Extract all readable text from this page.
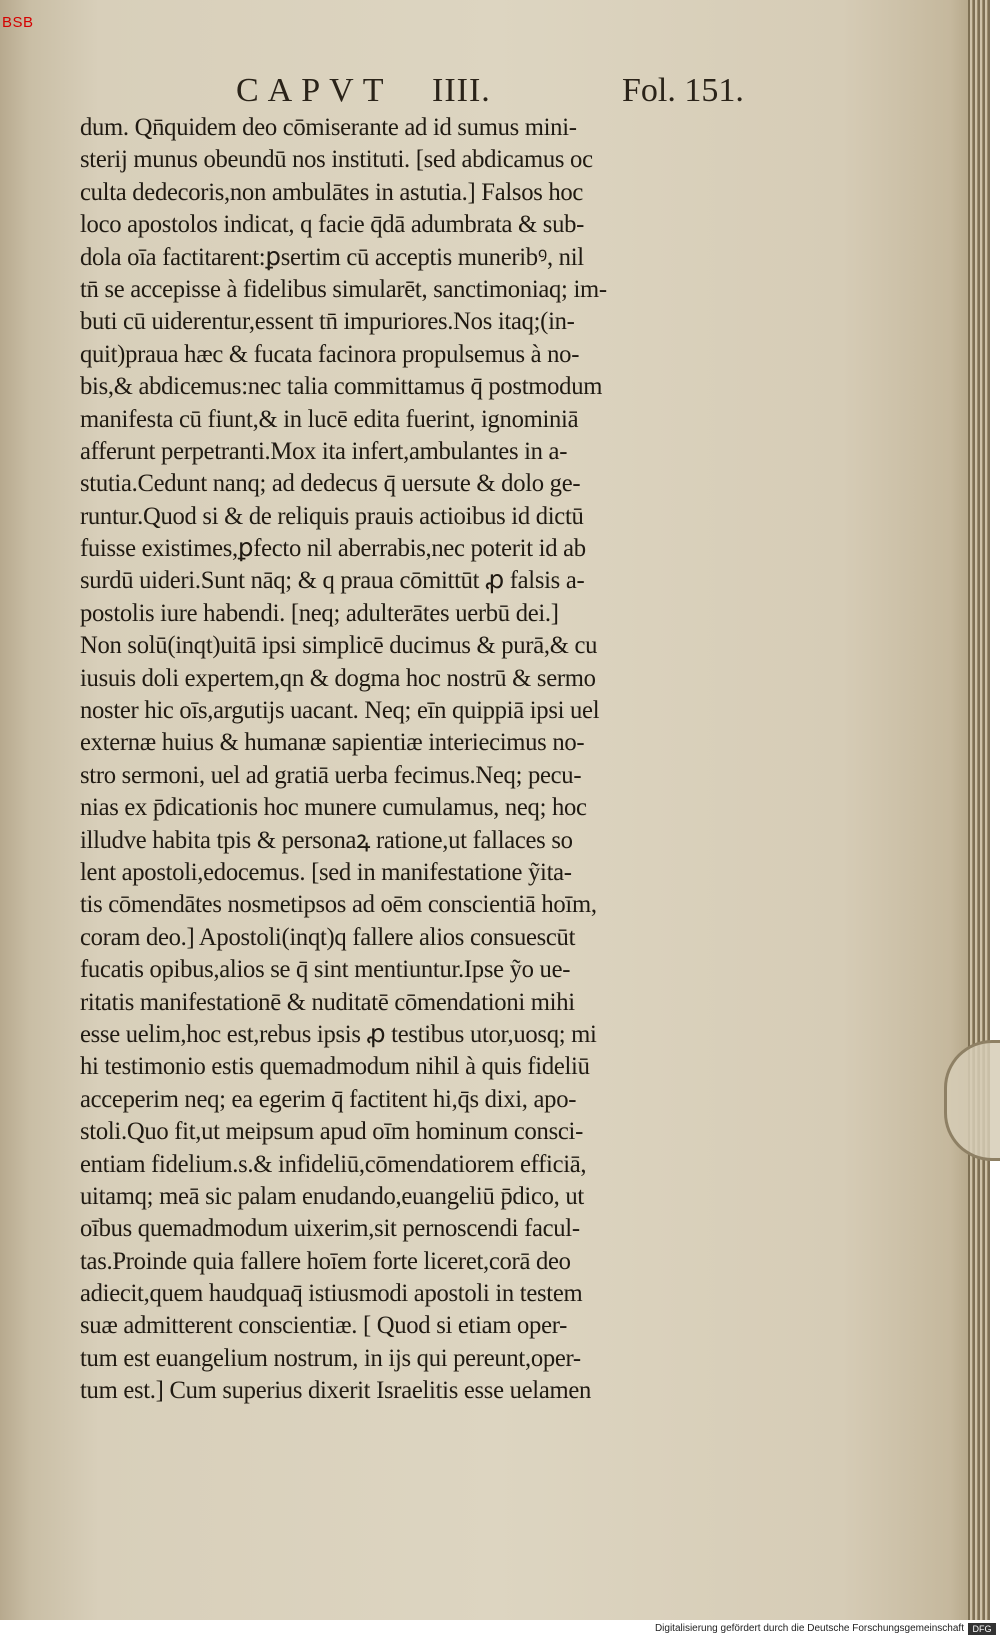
BSB
CAPVT IIII.	Fol. 151.
dum. Qn̄quidem deo cōmiserante ad id sumus mini-
sterij munus obeundū nos instituti. [sed abdicamus oc
culta dedecoris,non ambulātes in astutia.] Falsos hoc
loco apostolos indicat, q facie q̄dā adumbrata & sub-
dola oīa factitarent:ꝑsertim cū acceptis muneribꝰ, nil
tn̄ se accepisse à fidelibus simularēt, sanctimoniaq; im-
buti cū uiderentur,essent tn̄ impuriores.Nos itaq;(in-
quit)praua hæc & fucata facinora propulsemus à no-
bis,& abdicemus:nec talia committamus q̄ postmodum
manifesta cū fiunt,& in lucē edita fuerint, ignominiā
afferunt perpetranti.Mox ita infert,ambulantes in a-
stutia.Cedunt nanq; ad dedecus q̄ uersute & dolo ge-
runtur.Quod si & de reliquis prauis actioibus id dictū
fuisse existimes,ꝑfecto nil aberrabis,nec poterit id ab
surdū uideri.Sunt nāq; & q praua cōmittūt ꝓ falsis a-
postolis iure habendi. [neq; adulterātes uerbū dei.]
Non solū(inqt)uitā ipsi simplicē ducimus & purā,& cu
iusuis doli expertem,qn & dogma hoc nostrū & sermo
noster hic oīs,argutijs uacant. Neq; eīn quippiā ipsi uel
externæ huius & humanæ sapientiæ interiecimus no-
stro sermoni, uel ad gratiā uerba fecimus.Neq; pecu-
nias ex p̄dicationis hoc munere cumulamus, neq; hoc
illudve habita tpis & personaꝝ ratione,ut fallaces so
lent apostoli,edocemus. [sed in manifestatione ỹita-
tis cōmendātes nosmetipsos ad oēm conscientiā hoīm,
coram deo.] Apostoli(inqt)q fallere alios consuescūt
fucatis opibus,alios se q̄ sint mentiuntur.Ipse ỹo ue-
ritatis manifestationē & nuditatē cōmendationi mihi
esse uelim,hoc est,rebus ipsis ꝓ testibus utor,uosq; mi
hi testimonio estis quemadmodum nihil à quis fideliū
acceperim neq; ea egerim q̄ factitent hi,q̄s dixi, apo-
stoli.Quo fit,ut meipsum apud oīm hominum consci-
entiam fidelium.s.& infideliū,cōmendatiorem efficiā,
uitamq; meā sic palam enudando,euangeliū p̄dico, ut
oībus quemadmodum uixerim,sit pernoscendi facul-
tas.Proinde quia fallere hoīem forte liceret,corā deo
adiecit,quem haudquaq̄ istiusmodi apostoli in testem
suæ admitterent conscientiæ. [ Quod si etiam oper-
tum est euangelium nostrum, in ijs qui pereunt,oper-
tum est.] Cum superius dixerit Israelitis esse uelamen
Digitalisierung gefördert durch die Deutsche Forschungsgemeinschaft DFG
